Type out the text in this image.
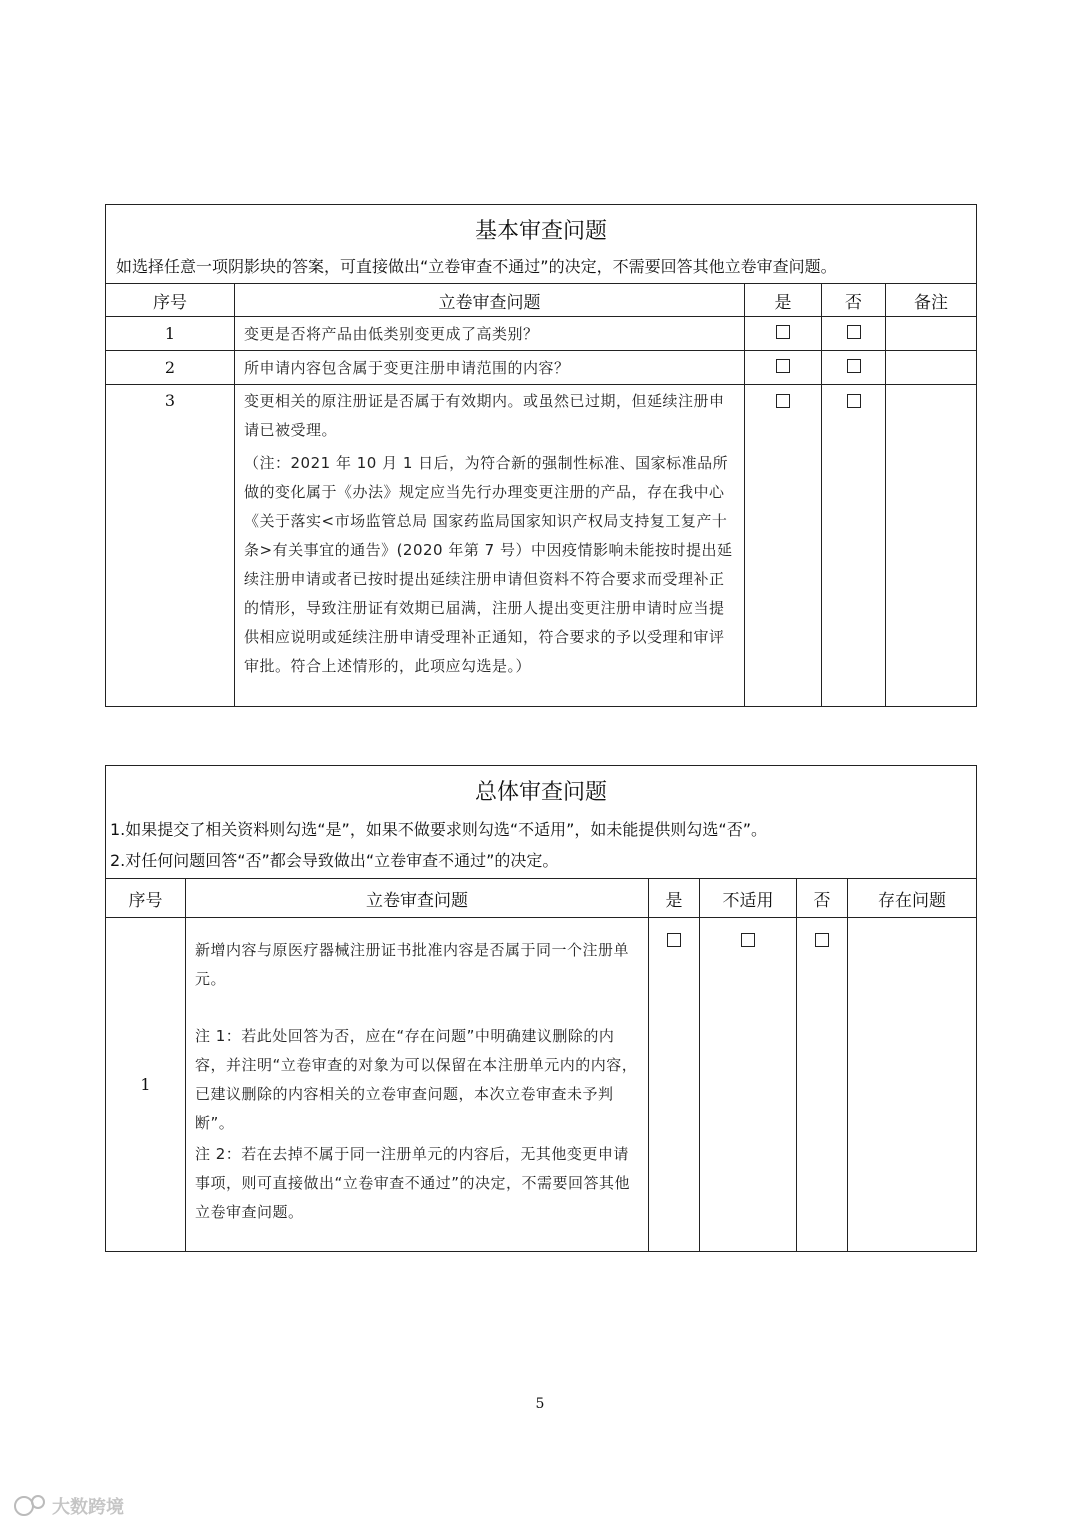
基本审查问题				
如选择任意一项阴影块的答案，可直接做出“立卷审查不通过”的决定，不需要回答其他立卷审查问题。				
序号	立卷审查问题	是	否	备注
1	变更是否将产品由低类别变更成了高类别？			
2	所申请内容包含属于变更注册申请范围的内容？			
3	变更相关的原注册证是否属于有效期内。或虽然已过期，但延续注册申请已被受理。

（注：2021 年 10 月 1 日后，为符合新的强制性标准、国家标准品所做的变化属于《办法》规定应当先行办理变更注册的产品，存在我中心《关于落实<市场监管总局 国家药监局国家知识产权局支持复工复产十条>有关事宜的通告》(2020 年第 7 号）中因疫情影响未能按时提出延续注册申请或者已按时提出延续注册申请但资料不符合要求而受理补正的情形，导致注册证有效期已届满，注册人提出变更注册申请时应当提供相应说明或延续注册申请受理补正通知，符合要求的予以受理和审评审批。符合上述情形的，此项应勾选是。）			

总体审查问题					
1.如果提交了相关资料则勾选“是”，如果不做要求则勾选“不适用”，如未能提供则勾选“否”。					
2.对任何问题回答“否”都会导致做出“立卷审查不通过”的决定。					
序号	立卷审查问题	是	不适用	否	存在问题
1	新增内容与原医疗器械注册证书批准内容是否属于同一个注册单元。

注 1：若此处回答为否，应在“存在问题”中明确建议删除的内容，并注明“立卷审查的对象为可以保留在本注册单元内的内容，已建议删除的内容相关的立卷审查问题，本次立卷审查未予判断”。

注 2：若在去掉不属于同一注册单元的内容后，无其他变更申请事项，则可直接做出“立卷审查不通过”的决定，不需要回答其他立卷审查问题。				

5
大数跨境
